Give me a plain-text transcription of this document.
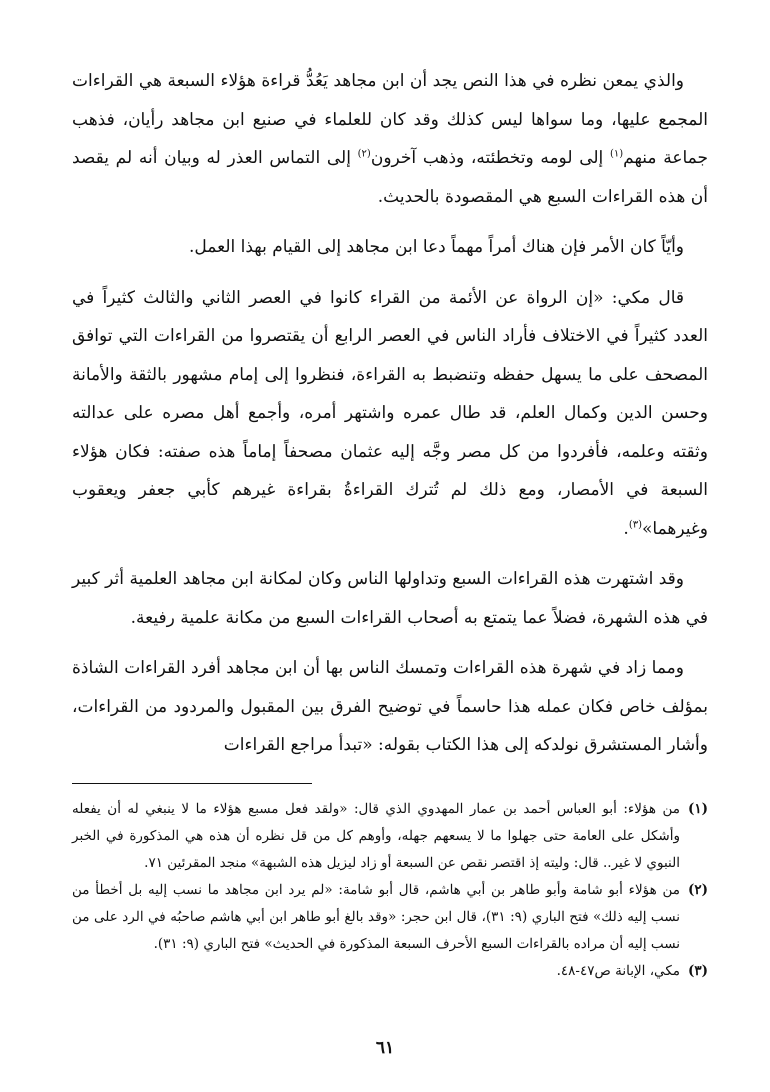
والذي يمعن نظره في هذا النص يجد أن ابن مجاهد يَعُدُّ قراءة هؤلاء السبعة هي القراءات المجمع عليها، وما سواها ليس كذلك وقد كان للعلماء في صنيع ابن مجاهد رأيان، فذهب جماعة منهم$^{(١)}$ إلى لومه وتخطئته، وذهب آخرون$^{(٢)}$ إلى التماس العذر له وبيان أنه لم يقصد أن هذه القراءات السبع هي المقصودة بالحديث.

وأيّاً كان الأمر فإن هناك أمراً مهماً دعا ابن مجاهد إلى القيام بهذا العمل.

قال مكي: «إن الرواة عن الأئمة من القراء كانوا في العصر الثاني والثالث كثيراً في العدد كثيراً في الاختلاف فأراد الناس في العصر الرابع أن يقتصروا من القراءات التي توافق المصحف على ما يسهل حفظه وتنضبط به القراءة، فنظروا إلى إمام مشهور بالثقة والأمانة وحسن الدين وكمال العلم، قد طال عمره واشتهر أمره، وأجمع أهل مصره على عدالته وثقته وعلمه، فأفردوا من كل مصر وجَّه إليه عثمان مصحفاً إماماً هذه صفته: فكان هؤلاء السبعة في الأمصار، ومع ذلك لم تُترك القراءةُ بقراءة غيرهم كأبي جعفر ويعقوب وغيرهما»$^{(٣)}$.

وقد اشتهرت هذه القراءات السبع وتداولها الناس وكان لمكانة ابن مجاهد العلمية أثر كبير في هذه الشهرة، فضلاً عما يتمتع به أصحاب القراءات السبع من مكانة علمية رفيعة.

ومما زاد في شهرة هذه القراءات وتمسك الناس بها أن ابن مجاهد أفرد القراءات الشاذة بمؤلف خاص فكان عمله هذا حاسماً في توضيح الفرق بين المقبول والمردود من القراءات، وأشار المستشرق نولدكه إلى هذا الكتاب بقوله: «تبدأ مراجع القراءات

(١)
من هؤلاء: أبو العباس أحمد بن عمار المهدوي الذي قال: «ولقد فعل مسبع هؤلاء ما لا ينبغي له أن يفعله وأشكل على العامة حتى جهلوا ما لا يسعهم جهله، وأوهم كل من قل نظره أن هذه هي المذكورة في الخبر النبوي لا غير.. قال: وليته إذ اقتصر نقص عن السبعة أو زاد ليزيل هذه الشبهة» منجد المقرئين ٧١.
(٢)
من هؤلاء أبو شامة وأبو طاهر بن أبي هاشم، قال أبو شامة: «لم يرد ابن مجاهد ما نسب إليه بل أخطأ من نسب إليه ذلك» فتح الباري (٩: ٣١)، قال ابن حجر: «وقد بالغ أبو طاهر ابن أبي هاشم صاحبُه في الرد على من نسب إليه أن مراده بالقراءات السبع الأحرف السبعة المذكورة في الحديث» فتح الباري (٩: ٣١).
(٣)
مكي، الإبانة ص٤٧-٤٨.
٦١
